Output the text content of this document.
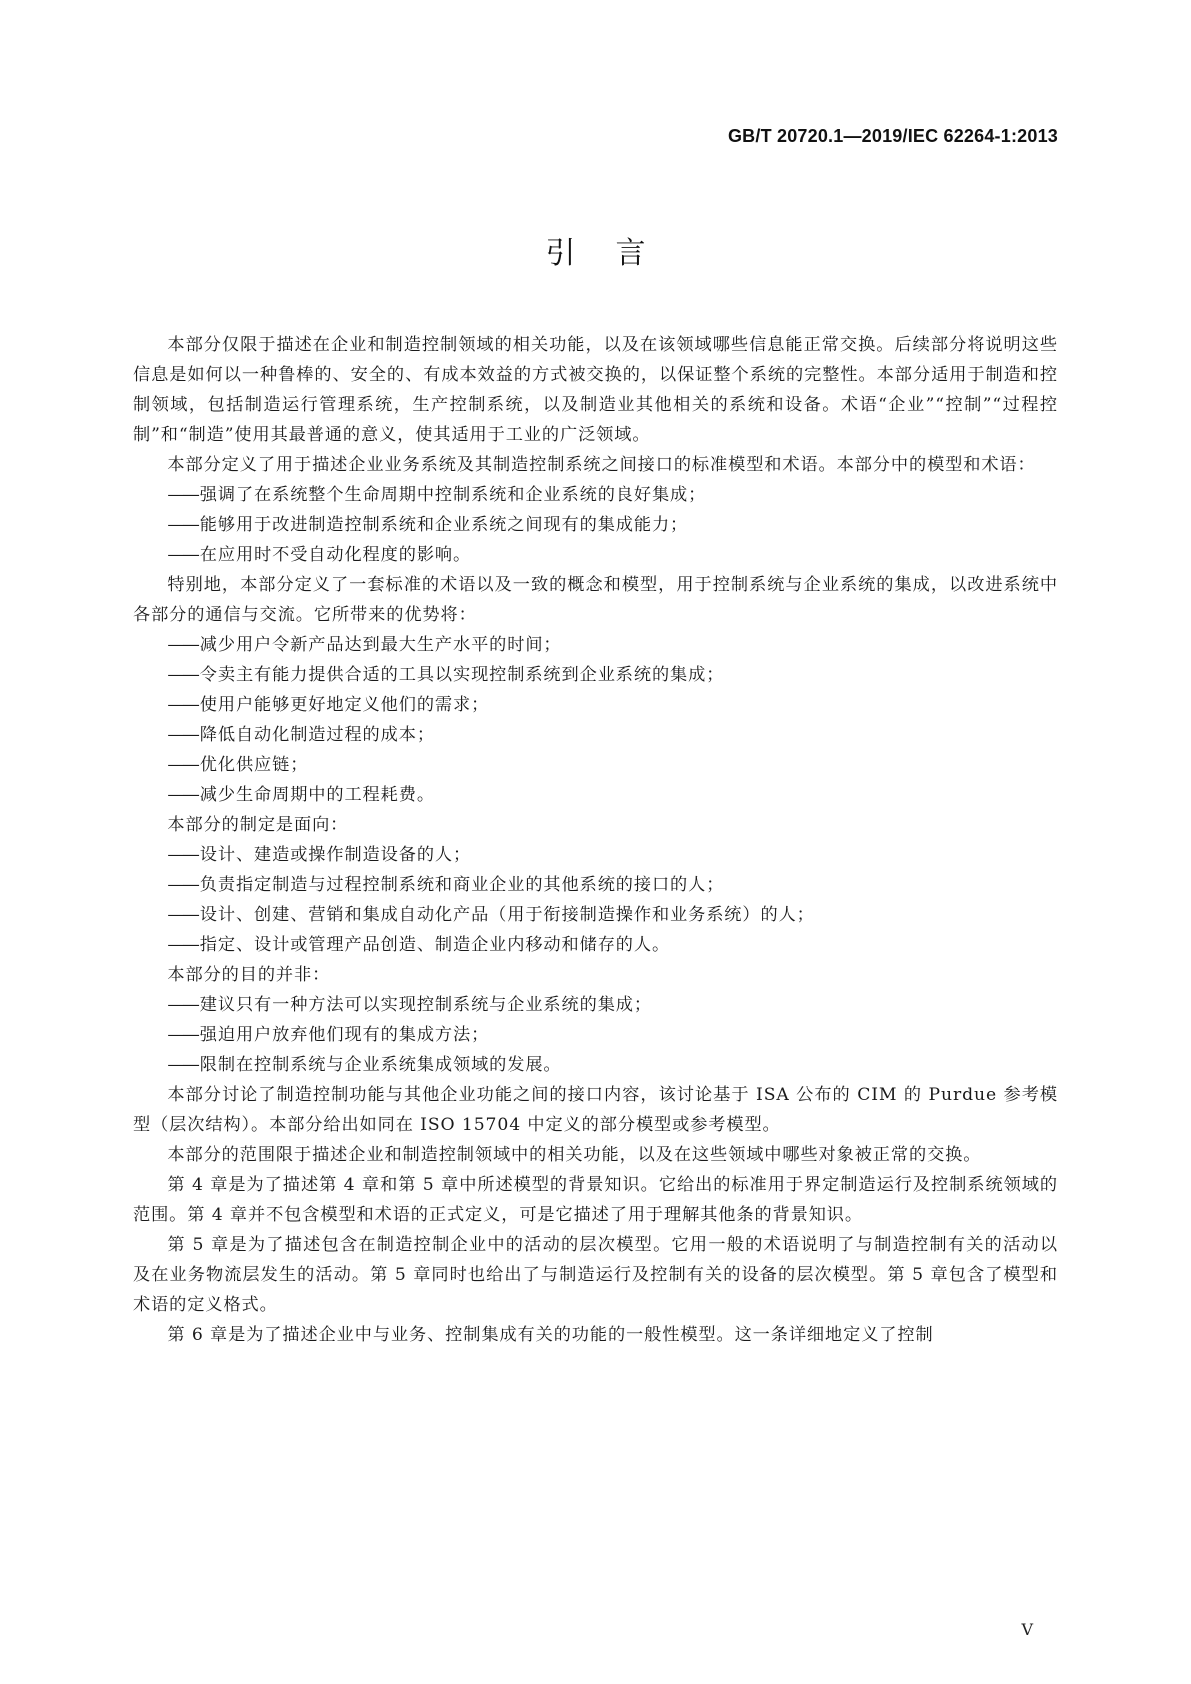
GB/T 20720.1—2019/IEC 62264-1:2013
引言

本部分仅限于描述在企业和制造控制领域的相关功能，以及在该领域哪些信息能正常交换。后续部分将说明这些信息是如何以一种鲁棒的、安全的、有成本效益的方式被交换的，以保证整个系统的完整性。本部分适用于制造和控制领域，包括制造运行管理系统，生产控制系统，以及制造业其他相关的系统和设备。术语“企业”“控制”“过程控制”和“制造”使用其最普通的意义，使其适用于工业的广泛领域。

本部分定义了用于描述企业业务系统及其制造控制系统之间接口的标准模型和术语。本部分中的模型和术语：

—— 强调了在系统整个生命周期中控制系统和企业系统的良好集成；

—— 能够用于改进制造控制系统和企业系统之间现有的集成能力；

—— 在应用时不受自动化程度的影响。

特别地，本部分定义了一套标准的术语以及一致的概念和模型，用于控制系统与企业系统的集成，以改进系统中各部分的通信与交流。它所带来的优势将：

—— 减少用户令新产品达到最大生产水平的时间；

—— 令卖主有能力提供合适的工具以实现控制系统到企业系统的集成；

—— 使用户能够更好地定义他们的需求；

—— 降低自动化制造过程的成本；

—— 优化供应链；

—— 减少生命周期中的工程耗费。

本部分的制定是面向：

—— 设计、建造或操作制造设备的人；

—— 负责指定制造与过程控制系统和商业企业的其他系统的接口的人；

—— 设计、创建、营销和集成自动化产品（用于衔接制造操作和业务系统）的人；

—— 指定、设计或管理产品创造、制造企业内移动和储存的人。

本部分的目的并非：

—— 建议只有一种方法可以实现控制系统与企业系统的集成；

—— 强迫用户放弃他们现有的集成方法；

—— 限制在控制系统与企业系统集成领域的发展。

本部分讨论了制造控制功能与其他企业功能之间的接口内容，该讨论基于 ISA 公布的 CIM 的 Purdue 参考模型（层次结构）。本部分给出如同在 ISO 15704 中定义的部分模型或参考模型。

本部分的范围限于描述企业和制造控制领域中的相关功能，以及在这些领域中哪些对象被正常的交换。

第 4 章是为了描述第 4 章和第 5 章中所述模型的背景知识。它给出的标准用于界定制造运行及控制系统领域的范围。第 4 章并不包含模型和术语的正式定义，可是它描述了用于理解其他条的背景知识。

第 5 章是为了描述包含在制造控制企业中的活动的层次模型。它用一般的术语说明了与制造控制有关的活动以及在业务物流层发生的活动。第 5 章同时也给出了与制造运行及控制有关的设备的层次模型。第 5 章包含了模型和术语的定义格式。

第 6 章是为了描述企业中与业务、控制集成有关的功能的一般性模型。这一条详细地定义了控制

V
